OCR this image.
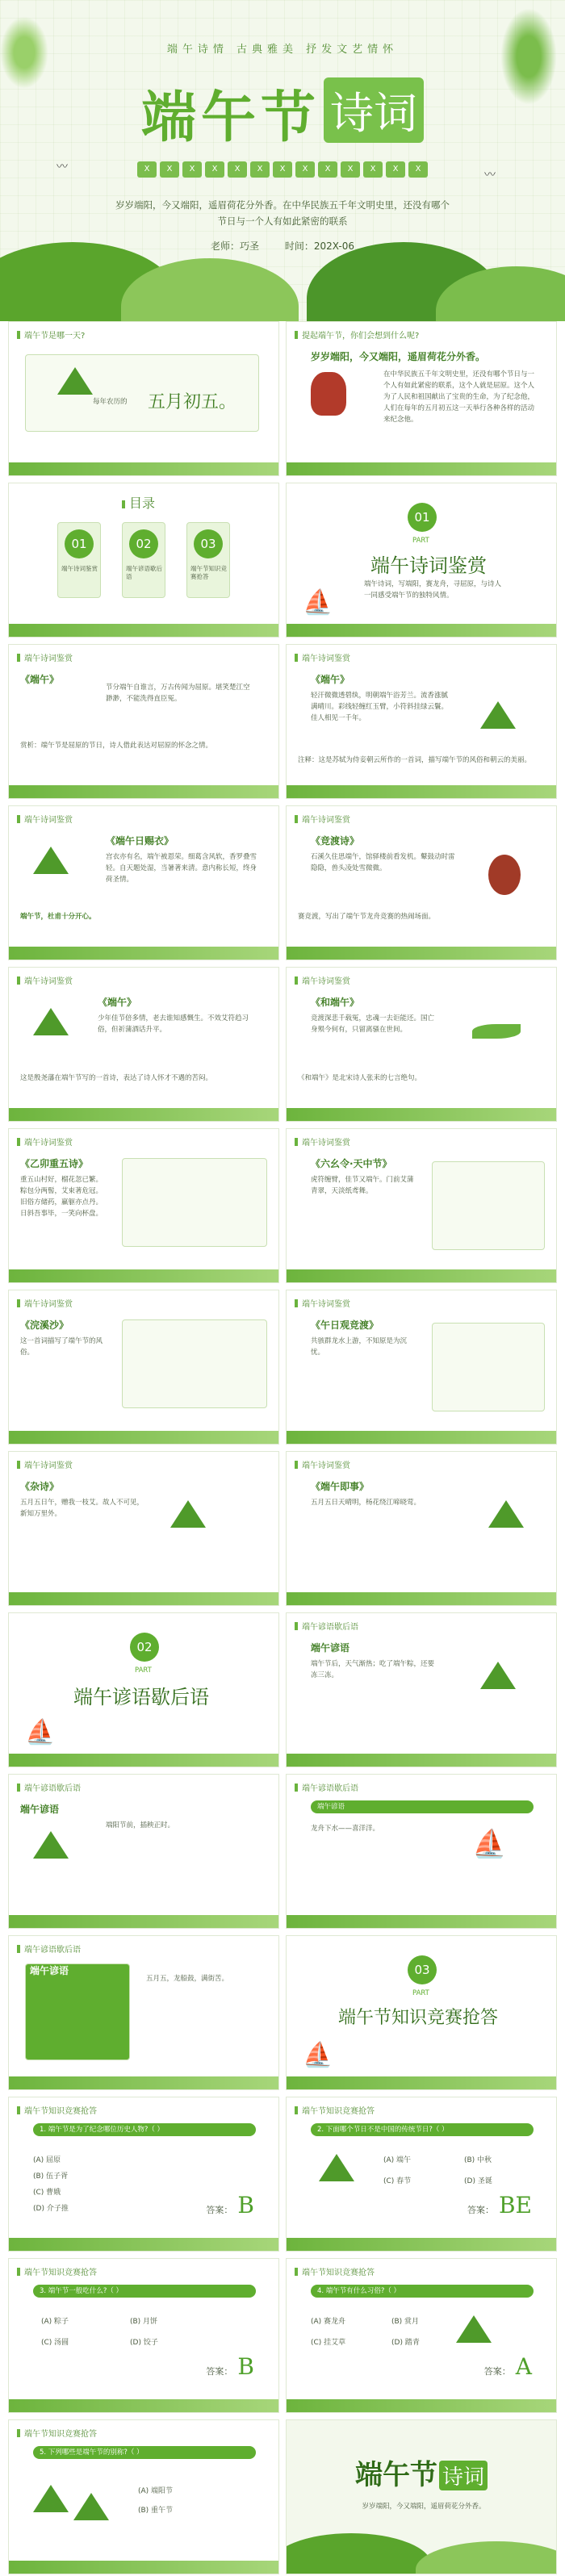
端午诗情 古典雅美 抒发文艺情怀
端午节 诗词
X	X	X	X	X	X	X	X	X	X	X	X	X
岁岁端阳，今又端阳，遥眉荷花分外香。在中华民族五千年文明史里，还没有哪个节日与一个人有如此紧密的联系
老师：巧圣	时间：202X-06
〰
〰
端午节是哪一天?
每年农历的 五月初五。
提起端午节，你们会想到什么呢?
岁岁端阳，今又端阳，遥眉荷花分外香。
在中华民族五千年文明史里，还没有哪个节日与一个人有如此紧密的联系，这个人就是屈原。这个人为了人民和祖国献出了宝贵的生命，为了纪念他，人们在每年的五月初五这一天举行各种各样的活动来纪念他。
目录
01
端午诗词鉴赏
02
端午谚语歇后语
03
端午节知识竞赛抢答
01
PART
端午诗词鉴赏
端午诗词，写端阳，赛龙舟，寻屈原，与诗人一同感受端午节的独特风情。
⛵
端午诗词鉴赏
《端午》
节分端午自谁言，万古传闻为屈原。堪笑楚江空渺渺，不能洗得直臣冤。
赏析：端午节是屈原的节日，诗人借此表达对屈原的怀念之情。
端午诗词鉴赏
《端午》
轻汗微微透碧纨，明朝端午浴芳兰。流香涨腻满晴川。彩线轻缠红玉臂，小符斜挂绿云鬟。佳人相见一千年。
注释：这是苏轼为侍妾朝云所作的一首词，描写端午节的风俗和朝云的美丽。
端午诗词鉴赏
《端午日赐衣》
宫衣亦有名，端午被恩荣。细葛含风软，香罗叠雪轻。自天题处湿，当暑著来清。意内称长短，终身荷圣情。
端午节，杜甫十分开心。
端午诗词鉴赏
《竞渡诗》
石溪久住思端午，馆驿楼前看发机。鼙鼓动时雷隐隐，兽头凌处雪微微。
赛竞渡，写出了端午节龙舟竞赛的热闹场面。
端午诗词鉴赏
《端午》
少年佳节倍多情，老去谁知感慨生。不效艾符趋习俗，但祈蒲酒话升平。
这是殷尧藩在端午节写的一首诗，表达了诗人怀才不遇的苦闷。
端午诗词鉴赏
《和端午》
竞渡深悲千载冤，忠魂一去讵能还。国亡身殒今何有，只留离骚在世间。
《和端午》是北宋诗人张耒的七言绝句。
端午诗词鉴赏
《乙卯重五诗》
重五山村好，榴花忽已繁。粽包分两髻，艾束著危冠。旧俗方储药，羸躯亦点丹。日斜吾事毕，一笑向杯盘。
端午诗词鉴赏
《六幺令·天中节》
虎符缠臂，佳节又端午。门前艾蒲青翠，天淡纸鸢舞。
端午诗词鉴赏
《浣溪沙》
这一首词描写了端午节的风俗。
端午诗词鉴赏
《午日观竞渡》
共骇群龙水上游，不知原是为沉忧。
端午诗词鉴赏
《杂诗》
五月五日午，赠我一枝艾。故人不可见，新知万里外。
端午诗词鉴赏
《端午即事》
五月五日天晴明，杨花绕江啼晓莺。
02
PART
端午谚语歇后语
⛵
端午谚语歇后语
端午谚语
端午节后，天气渐热；吃了端午粽，还要冻三冻。
端午谚语歇后语
端午谚语
端阳节前，插秧正时。
端午谚语歇后语
端午谚语
龙舟下水——喜洋洋。	⛵
端午谚语歇后语
端午谚语
五月五，龙船鼓，满街苦。
03
PART
端午节知识竞赛抢答
⛵
端午节知识竞赛抢答
1. 端午节是为了纪念哪位历史人物?（ ）
(A) 屈原
(B) 伍子胥
(C) 曹娥
(D) 介子推	答案： B
端午节知识竞赛抢答
2. 下面哪个节日不是中国的传统节日?（ ）
(A) 端午	(B) 中秋
(C) 春节	(D) 圣诞
答案： BE
端午节知识竞赛抢答
3. 端午节一般吃什么?（ ）
(A) 粽子	(B) 月饼
(C) 汤圆	(D) 饺子
答案： B
端午节知识竞赛抢答
4. 端午节有什么习俗?（ ）
(A) 赛龙舟	(B) 赏月
(C) 挂艾草	(D) 踏青
答案： A
端午节知识竞赛抢答
5. 下列哪些是端午节的别称?（ ）
(A) 端阳节
(B) 重午节
端午节 诗词
岁岁端阳，今又端阳，遥眉荷花分外香。
